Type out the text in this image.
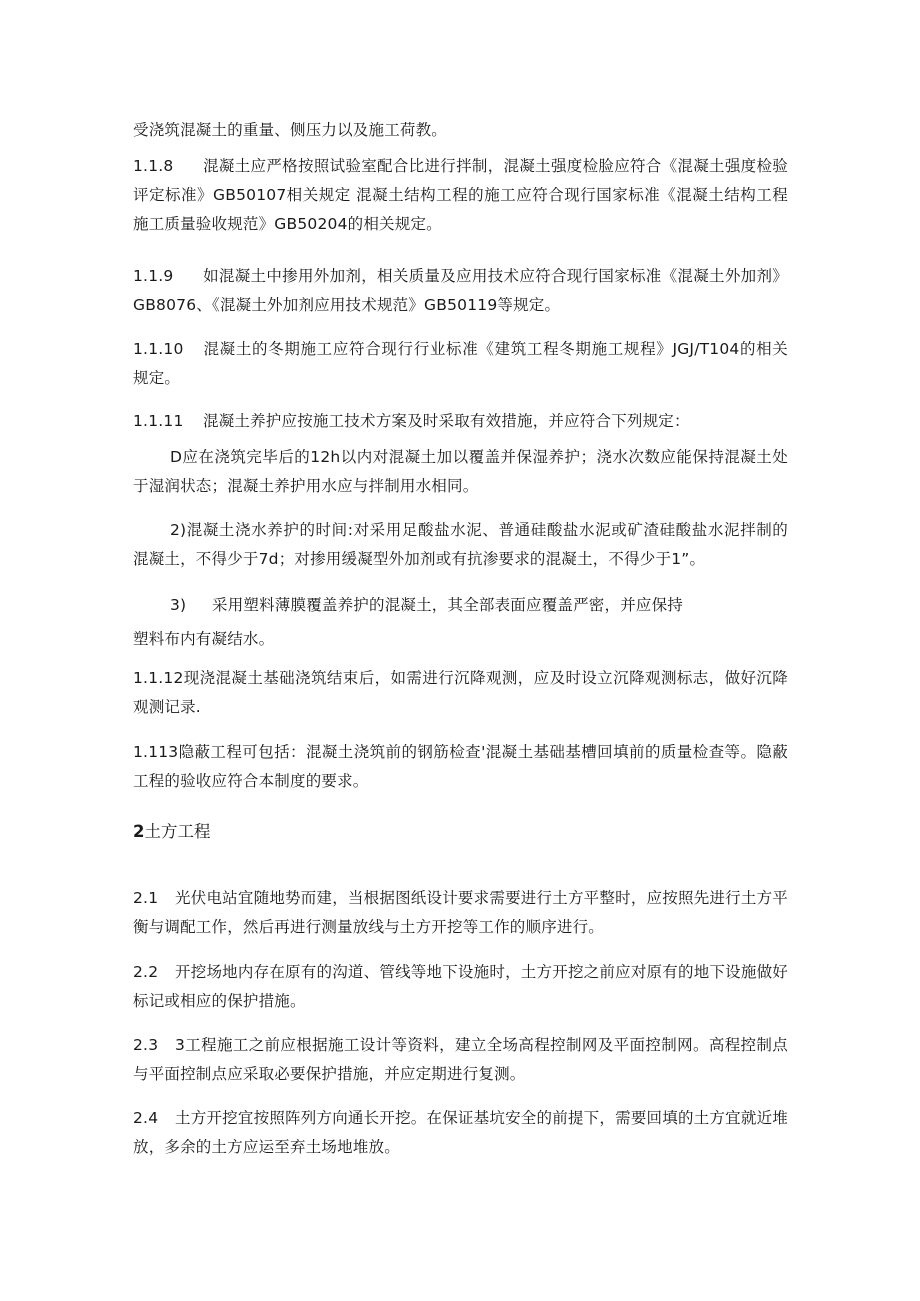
受浇筑混凝土的重量、侧压力以及施工荷教。

1.1.8 混凝土应严格按照试验室配合比进行拌制，混凝土强度检脸应符合《混凝土强度检验评定标准》GB50107相关规定 混凝土结构工程的施工应符合现行国家标准《混凝土结构工程施工质量验收规范》GB50204的相关规定。

1.1.9 如混凝土中掺用外加剂，相关质量及应用技术应符合现行国家标准《混凝土外加剂》GB8076、《混凝土外加剂应用技术规范》GB50119等规定。

1.1.10 混凝土的冬期施工应符合现行行业标准《建筑工程冬期施工规程》JGJ/T104的相关规定。

1.1.11 混凝土养护应按施工技术方案及时采取有效措施，并应符合下列规定：

D应在浇筑完毕后的12h以内对混凝土加以覆盖并保湿养护；浇水次数应能保持混凝土处于湿润状态；混凝土养护用水应与拌制用水相同。

2)混凝土浇水养护的时间:对采用足酸盐水泥、普通硅酸盐水泥或矿渣硅酸盐水泥拌制的混凝土，不得少于7d；对掺用缓凝型外加剂或有抗渗要求的混凝土，不得少于1”。

3) 采用塑料薄膜覆盖养护的混凝土，其全部表面应覆盖严密，并应保持

塑料布内有凝结水。

1.1.12现浇混凝土基础浇筑结束后，如需进行沉降观测，应及时设立沉降观测标志，做好沉降观测记录.

1.113隐蔽工程可包括：混凝土浇筑前的钢筋检查'混凝土基础基槽回填前的质量检查等。隐蔽工程的验收应符合本制度的要求。

2土方工程

2.1 光伏电站宜随地势而建，当根据图纸设计要求需要进行土方平整时，应按照先进行土方平衡与调配工作，然后再进行测量放线与土方开挖等工作的顺序进行。

2.2 开挖场地内存在原有的沟道、管线等地下设施时，土方开挖之前应对原有的地下设施做好标记或相应的保护措施。

2.3 3工程施工之前应根据施工设计等资料，建立全场高程控制网及平面控制网。高程控制点与平面控制点应采取必要保护措施，并应定期进行复测。

2.4 土方开挖宜按照阵列方向通长开挖。在保证基坑安全的前提下，需要回填的土方宜就近堆放，多余的土方应运至弃土场地堆放。
